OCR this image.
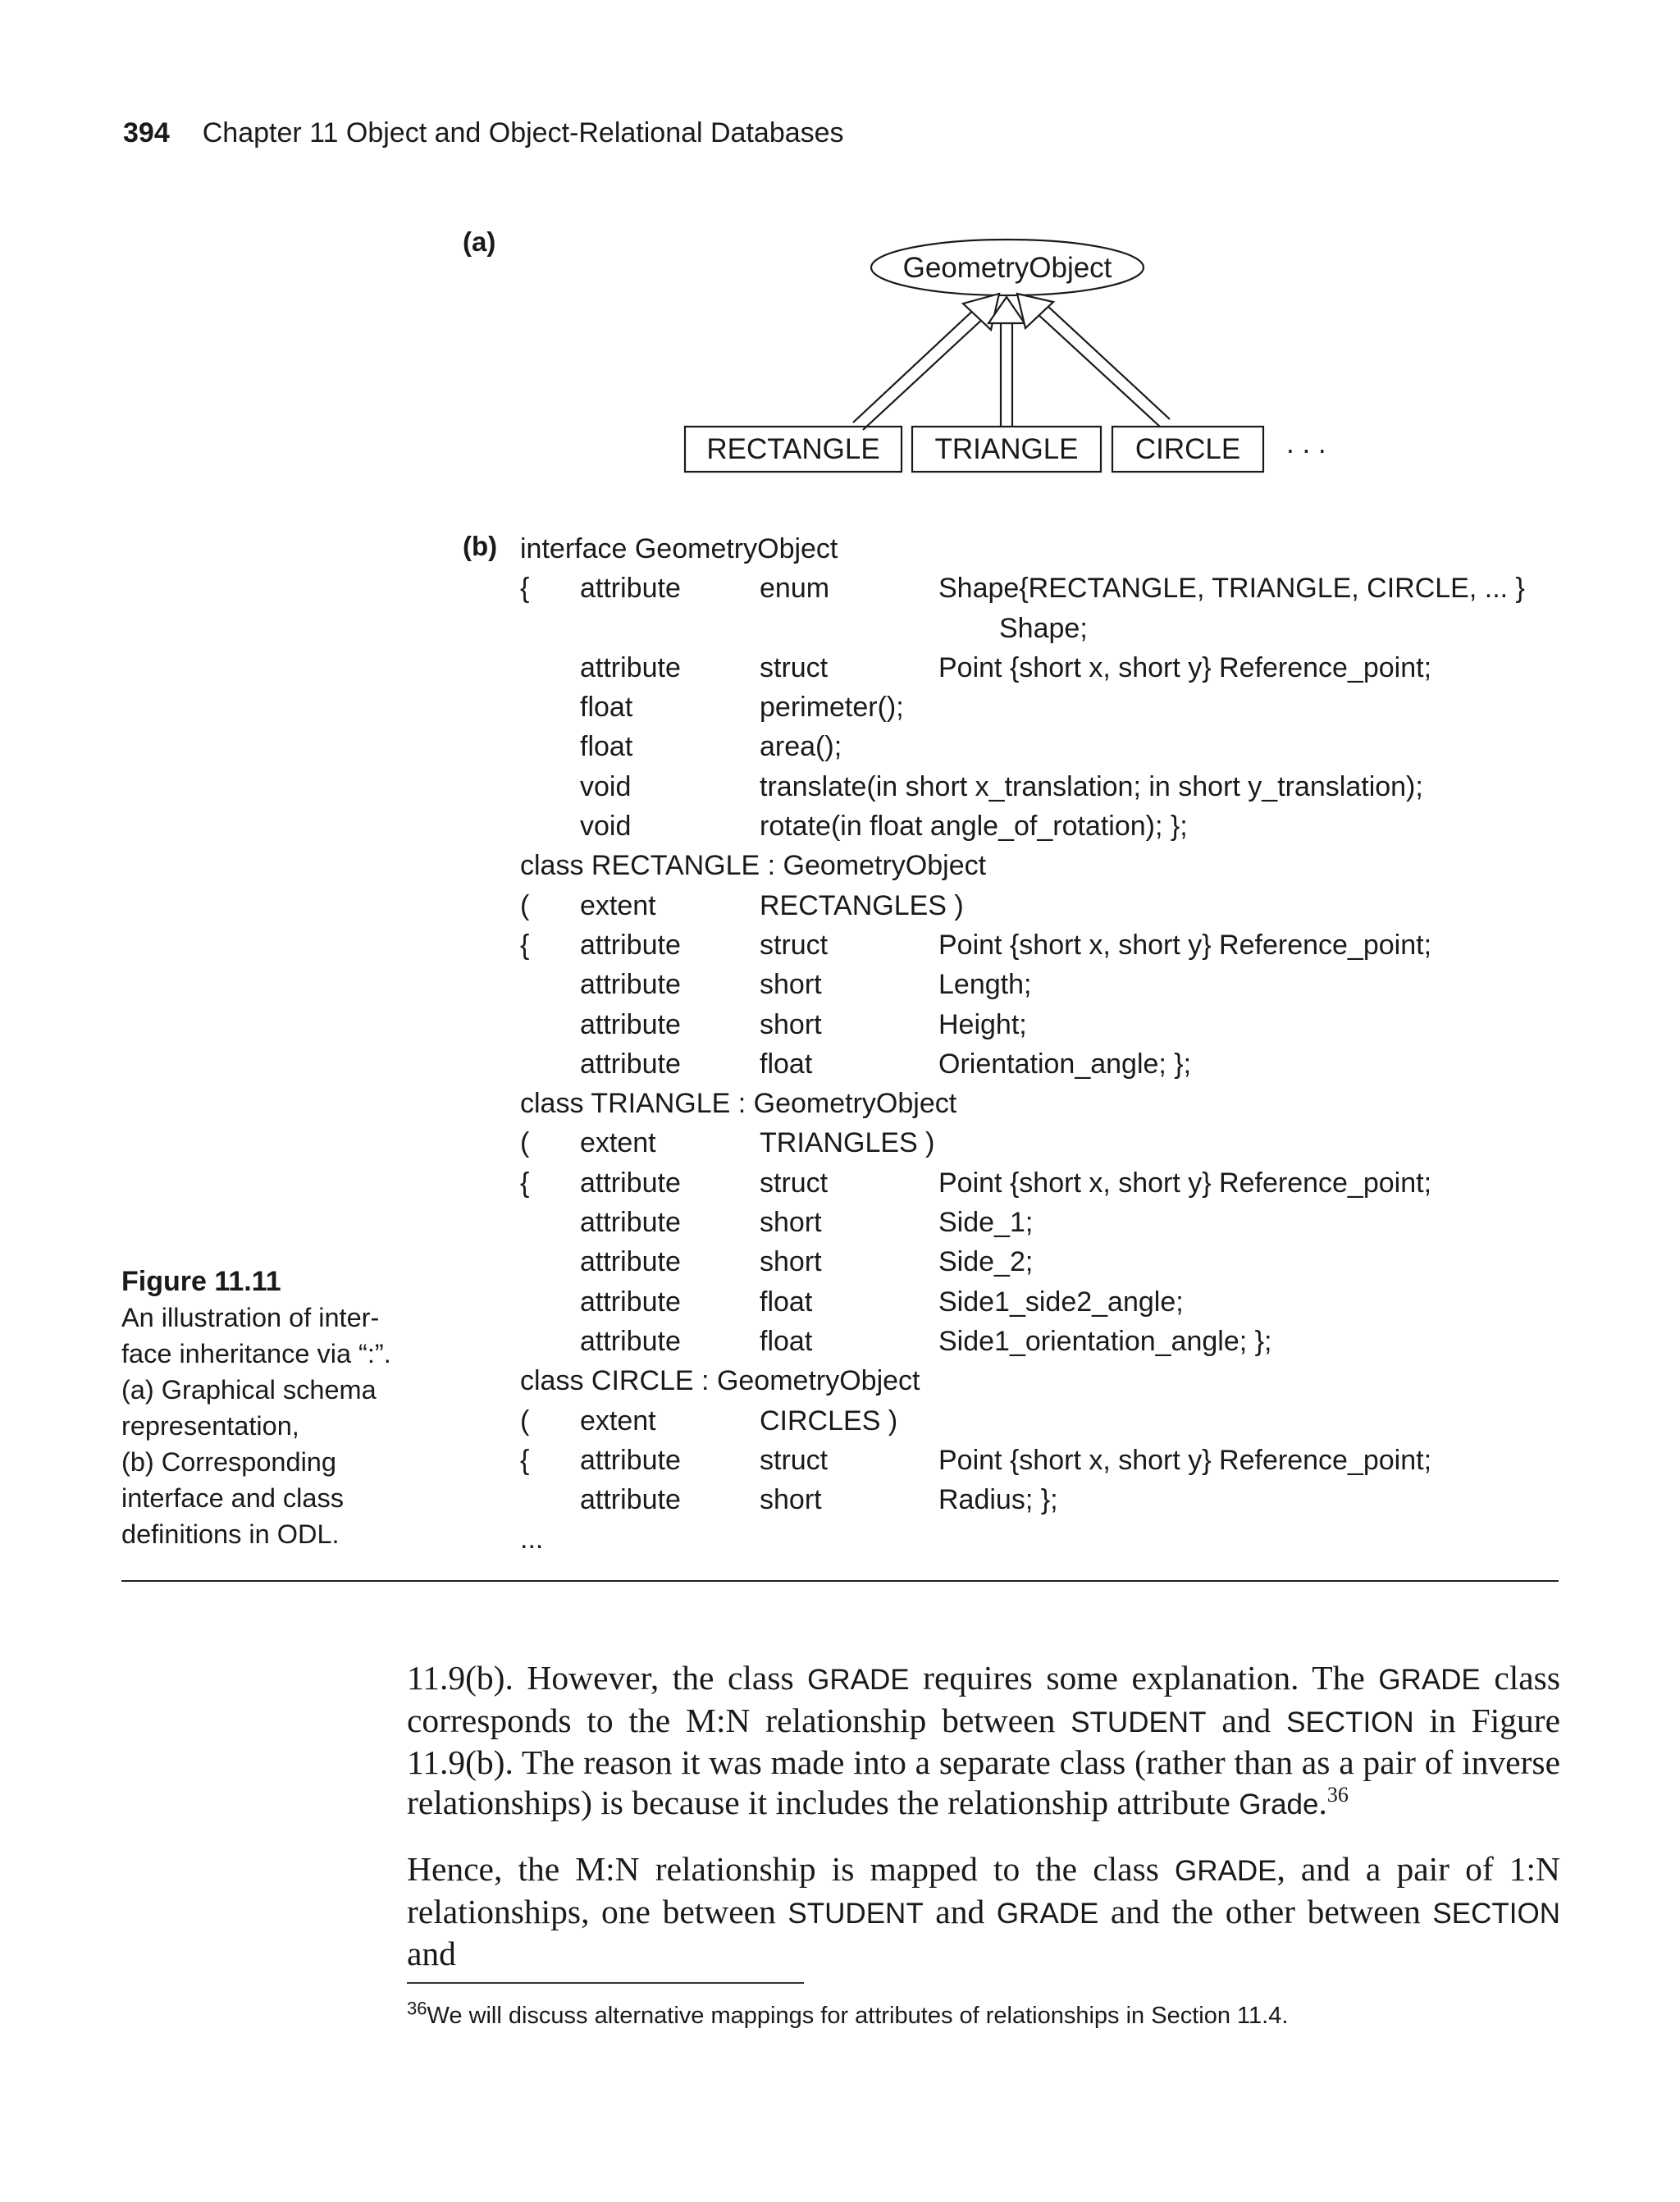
394 Chapter 11 Object and Object-Relational Databases
(a)
(b)
GeometryObject
RECTANGLE TRIANGLE CIRCLE . . .
interface GeometryObject
{ attribute	enum	Shape{RECTANGLE, TRIANGLE, CIRCLE, ... }
Shape;
attribute	struct	Point {short x, short y} Reference_point;
float	perimeter();
float	area();
void	translate(in short x_translation; in short y_translation);
void	rotate(in float angle_of_rotation); };
class RECTANGLE : GeometryObject
( extent	RECTANGLES )
{ attribute	struct	Point {short x, short y} Reference_point;
attribute	short	Length;
attribute	short	Height;
attribute	float	Orientation_angle; };
class TRIANGLE : GeometryObject
( extent	TRIANGLES )
{ attribute	struct	Point {short x, short y} Reference_point;
attribute	short	Side_1;
attribute	short	Side_2;
attribute	float	Side1_side2_angle;
attribute	float	Side1_orientation_angle; };
class CIRCLE : GeometryObject
( extent	CIRCLES )
{ attribute	struct	Point {short x, short y} Reference_point;
attribute	short	Radius; };
...
Figure 11.11
An illustration of inter-
face inheritance via “:”.
(a) Graphical schema
representation,
(b) Corresponding
interface and class
definitions in ODL.

11.9(b). However, the class GRADE requires some explanation. The GRADE class corresponds to the M:N relationship between STUDENT and SECTION in Figure 11.9(b). The reason it was made into a separate class (rather than as a pair of inverse relationships) is because it includes the relationship attribute Grade.$^{36}$

Hence, the M:N relationship is mapped to the class GRADE, and a pair of 1:N relationships, one between STUDENT and GRADE and the other between SECTION and

$^{36}$We will discuss alternative mappings for attributes of relationships in Section 11.4.
